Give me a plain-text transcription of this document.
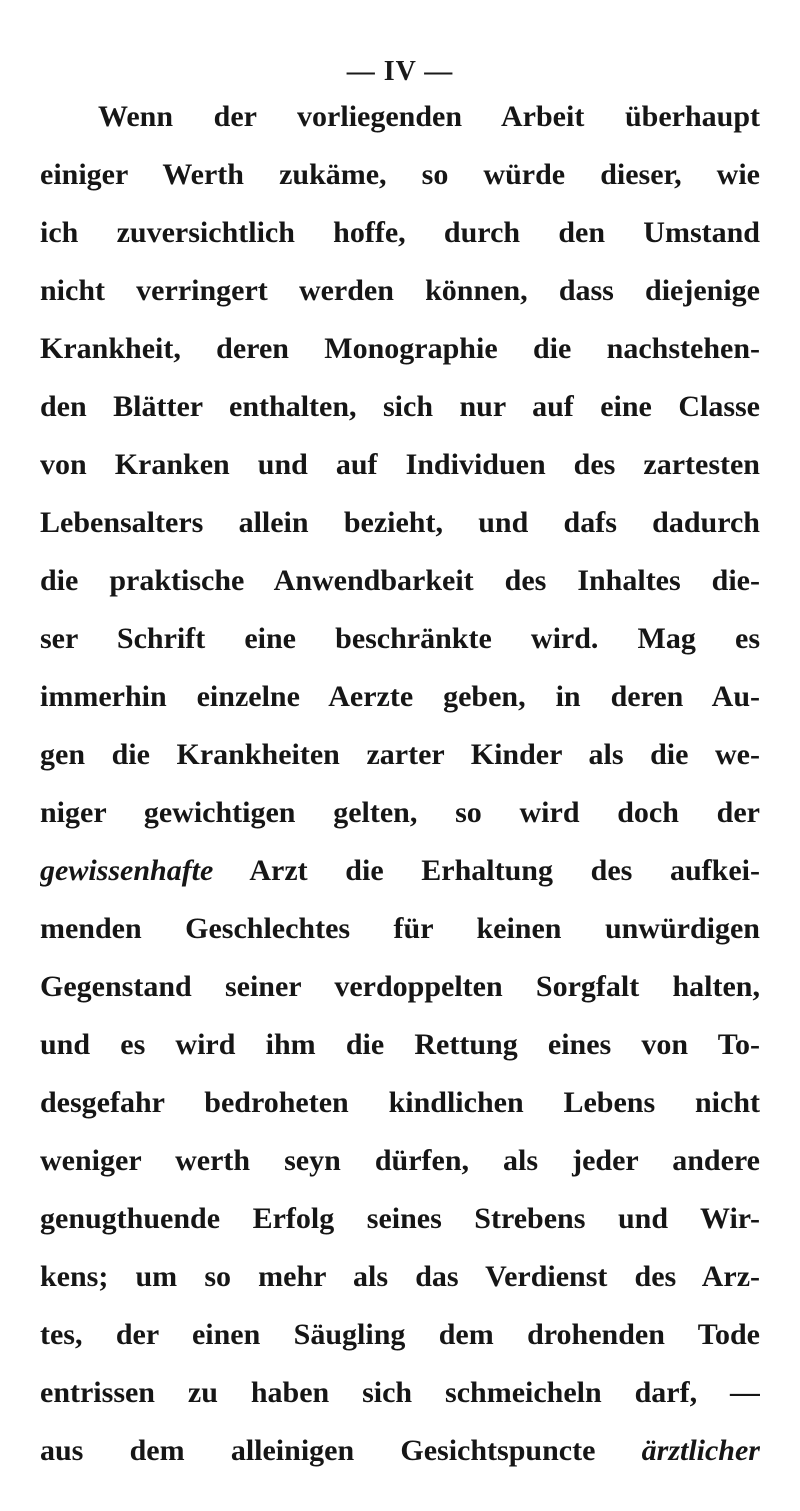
— IV —
Wenn der vorliegenden Arbeit überhaupt
einiger Werth zukäme, so würde dieser, wie
ich zuversichtlich hoffe, durch den Umstand
nicht verringert werden können, dass diejenige
Krankheit, deren Monographie die nachstehen-
den Blätter enthalten, sich nur auf eine Classe
von Kranken und auf Individuen des zartesten
Lebensalters allein bezieht, und dafs dadurch
die praktische Anwendbarkeit des Inhaltes die-
ser Schrift eine beschränkte wird. Mag es
immerhin einzelne Aerzte geben, in deren Au-
gen die Krankheiten zarter Kinder als die we-
niger gewichtigen gelten, so wird doch der
gewissenhafte Arzt die Erhaltung des aufkei-
menden Geschlechtes für keinen unwürdigen
Gegenstand seiner verdoppelten Sorgfalt halten,
und es wird ihm die Rettung eines von To-
desgefahr bedroheten kindlichen Lebens nicht
weniger werth seyn dürfen, als jeder andere
genugthuende Erfolg seines Strebens und Wir-
kens; um so mehr als das Verdienst des Arz-
tes, der einen Säugling dem drohenden Tode
entrissen zu haben sich schmeicheln darf, —
aus dem alleinigen Gesichtspuncte ärztlicher
